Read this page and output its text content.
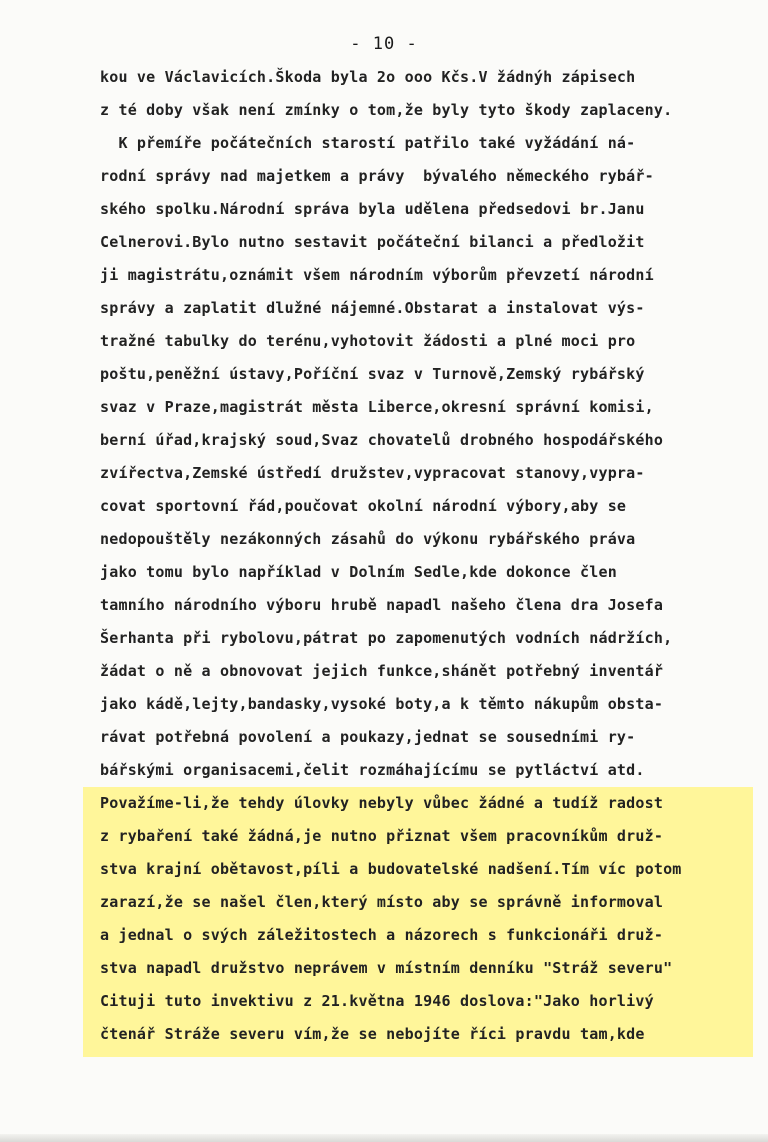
- 10 -
kou ve Václavicích.Škoda byla 2o ooo Kčs.V žádnýh zápisech
z té doby však není zmínky o tom,že byly tyto škody zaplaceny.
K přemíře počátečních starostí patřilo také vyžádání ná-
rodní správy nad majetkem a právy  bývalého německého rybář-
ského spolku.Národní správa byla udělena předsedovi br.Janu
Celnerovi.Bylo nutno sestavit počáteční bilanci a předložit
ji magistrátu,oznámit všem národním výborům převzetí národní
správy a zaplatit dlužné nájemné.Obstarat a instalovat výs-
tražné tabulky do terénu,vyhotovit žádosti a plné moci pro
poštu,peněžní ústavy,Poříční svaz v Turnově,Zemský rybářský
svaz v Praze,magistrát města Liberce,okresní správní komisi,
berní úřad,krajský soud,Svaz chovatelů drobného hospodářského
zvířectva,Zemské ústředí družstev,vypracovat stanovy,vypra-
covat sportovní řád,poučovat okolní národní výbory,aby se
nedopouštěly nezákonných zásahů do výkonu rybářského práva
jako tomu bylo například v Dolním Sedle,kde dokonce člen
tamního národního výboru hrubě napadl našeho člena dra Josefa
Šerhanta při rybolovu,pátrat po zapomenutých vodních nádržích,
žádat o ně a obnovovat jejich funkce,shánět potřebný inventář
jako kádě,lejty,bandasky,vysoké boty,a k těmto nákupům obsta-
rávat potřebná povolení a poukazy,jednat se sousedními ry-
bářskými organisacemi,čelit rozmáhajícímu se pytláctví atd.
Považíme-li,že tehdy úlovky nebyly vůbec žádné a tudíž radost
z rybaření také žádná,je nutno přiznat všem pracovníkům druž-
stva krajní obětavost,píli a budovatelské nadšení.Tím víc potom
zarazí,že se našel člen,který místo aby se správně informoval
a jednal o svých záležitostech a názorech s funkcionáři druž-
stva napadl družstvo neprávem v místním denníku "Stráž severu"
Cituji tuto invektivu z 21.května 1946 doslova:"Jako horlivý
čtenář Stráže severu vím,že se nebojíte říci pravdu tam,kde
